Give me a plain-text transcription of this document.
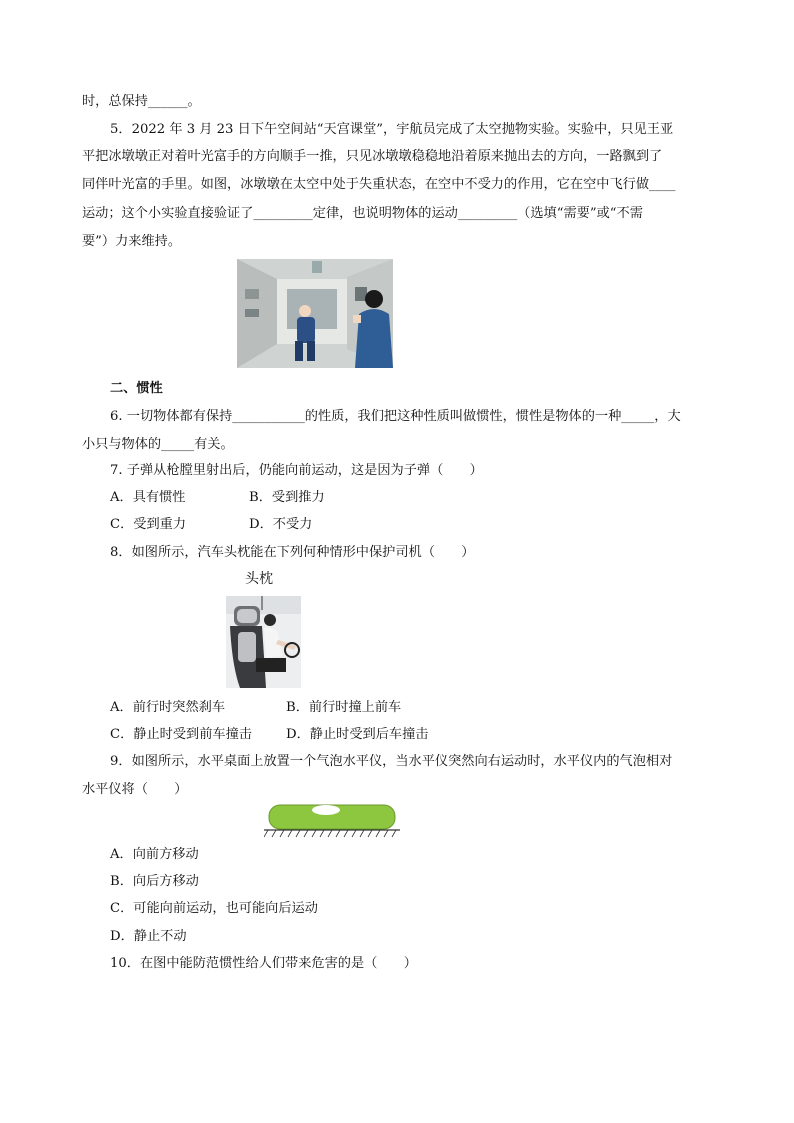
时，总保持______。
5．2022 年 3 月 23 日下午空间站“天宫课堂”，宇航员完成了太空抛物实验。实验中，只见王亚
平把冰墩墩正对着叶光富手的方向顺手一推，只见冰墩墩稳稳地沿着原来抛出去的方向，一路飘到了
同伴叶光富的手里。如图，冰墩墩在太空中处于失重状态，在空中不受力的作用，它在空中飞行做____
运动；这个小实验直接验证了_________定律，也说明物体的运动_________（选填“需要”或“不需
要”）力来维持。
二、惯性
6. 一切物体都有保持___________的性质，我们把这种性质叫做惯性，惯性是物体的一种_____，大
小只与物体的_____有关。
7. 子弹从枪膛里射出后，仍能向前运动，这是因为子弹（　　）
A．具有惯性	B．受到推力
C．受到重力	D．不受力
8．如图所示，汽车头枕能在下列何种情形中保护司机（　　）
头枕
A．前行时突然刹车	B．前行时撞上前车
C．静止时受到前车撞击	D．静止时受到后车撞击
9．如图所示，水平桌面上放置一个气泡水平仪，当水平仪突然向右运动时，水平仪内的气泡相对
水平仪将（　　）
A．向前方移动
B．向后方移动
C．可能向前运动，也可能向后运动
D．静止不动
10．在图中能防范惯性给人们带来危害的是（　　）
